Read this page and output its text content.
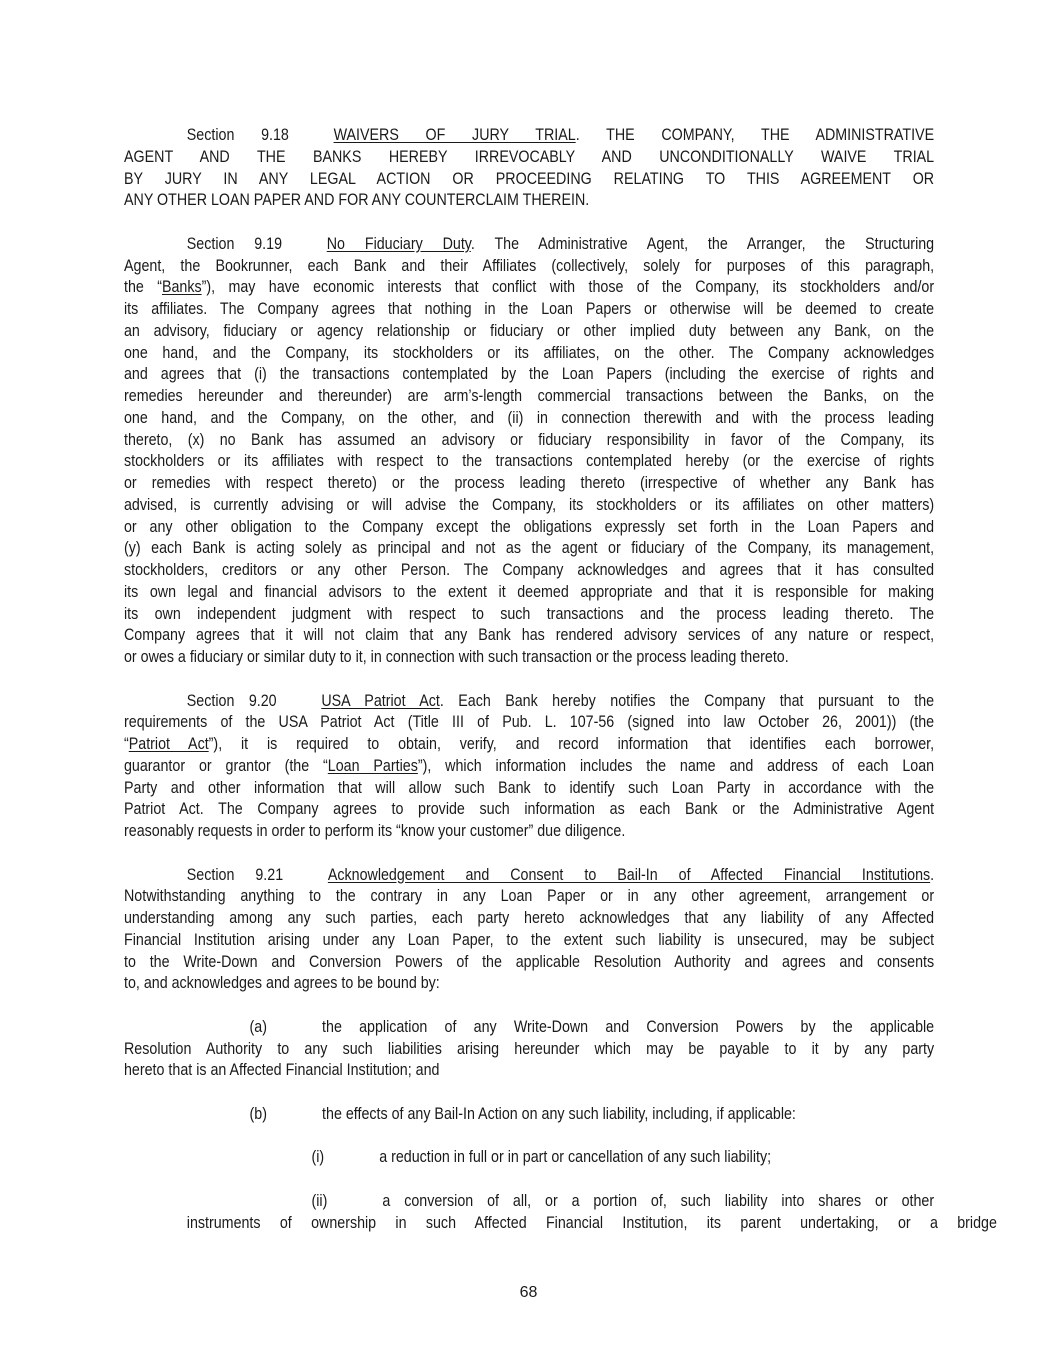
Section 9.18	WAIVERS OF JURY TRIAL. THE COMPANY, THE ADMINISTRATIVE
AGENT AND THE BANKS HEREBY IRREVOCABLY AND UNCONDITIONALLY WAIVE TRIAL
BY JURY IN ANY LEGAL ACTION OR PROCEEDING RELATING TO THIS AGREEMENT OR
ANY OTHER LOAN PAPER AND FOR ANY COUNTERCLAIM THEREIN.
Section 9.19	No Fiduciary Duty. The Administrative Agent, the Arranger, the Structuring
Agent, the Bookrunner, each Bank and their Affiliates (collectively, solely for purposes of this paragraph,
the “Banks”), may have economic interests that conflict with those of the Company, its stockholders and/or
its affiliates. The Company agrees that nothing in the Loan Papers or otherwise will be deemed to create
an advisory, fiduciary or agency relationship or fiduciary or other implied duty between any Bank, on the
one hand, and the Company, its stockholders or its affiliates, on the other. The Company acknowledges
and agrees that (i) the transactions contemplated by the Loan Papers (including the exercise of rights and
remedies hereunder and thereunder) are arm’s-length commercial transactions between the Banks, on the
one hand, and the Company, on the other, and (ii) in connection therewith and with the process leading
thereto, (x) no Bank has assumed an advisory or fiduciary responsibility in favor of the Company, its
stockholders or its affiliates with respect to the transactions contemplated hereby (or the exercise of rights
or remedies with respect thereto) or the process leading thereto (irrespective of whether any Bank has
advised, is currently advising or will advise the Company, its stockholders or its affiliates on other matters)
or any other obligation to the Company except the obligations expressly set forth in the Loan Papers and
(y) each Bank is acting solely as principal and not as the agent or fiduciary of the Company, its management,
stockholders, creditors or any other Person. The Company acknowledges and agrees that it has consulted
its own legal and financial advisors to the extent it deemed appropriate and that it is responsible for making
its own independent judgment with respect to such transactions and the process leading thereto. The
Company agrees that it will not claim that any Bank has rendered advisory services of any nature or respect,
or owes a fiduciary or similar duty to it, in connection with such transaction or the process leading thereto.
Section 9.20	USA Patriot Act. Each Bank hereby notifies the Company that pursuant to the
requirements of the USA Patriot Act (Title III of Pub. L. 107-56 (signed into law October 26, 2001)) (the
“Patriot Act”), it is required to obtain, verify, and record information that identifies each borrower,
guarantor or grantor (the “Loan Parties”), which information includes the name and address of each Loan
Party and other information that will allow such Bank to identify such Loan Party in accordance with the
Patriot Act. The Company agrees to provide such information as each Bank or the Administrative Agent
reasonably requests in order to perform its “know your customer” due diligence.
Section 9.21	Acknowledgement and Consent to Bail-In of Affected Financial Institutions.
Notwithstanding anything to the contrary in any Loan Paper or in any other agreement, arrangement or
understanding among any such parties, each party hereto acknowledges that any liability of any Affected
Financial Institution arising under any Loan Paper, to the extent such liability is unsecured, may be subject
to the Write-Down and Conversion Powers of the applicable Resolution Authority and agrees and consents
to, and acknowledges and agrees to be bound by:
(a)	the application of any Write-Down and Conversion Powers by the applicable
Resolution Authority to any such liabilities arising hereunder which may be payable to it by any party
hereto that is an Affected Financial Institution; and
(b)	the effects of any Bail-In Action on any such liability, including, if applicable:
(i)	a reduction in full or in part or cancellation of any such liability;
(ii)	a conversion of all, or a portion of, such liability into shares or other
instruments of ownership in such Affected Financial Institution, its parent undertaking, or a bridge
68
